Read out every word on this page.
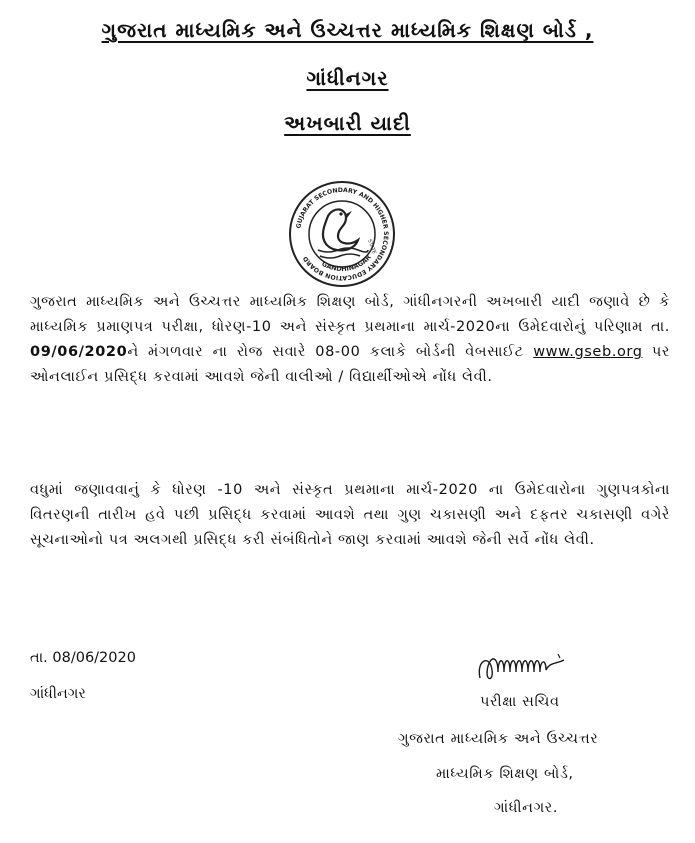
ગુજરાત માધ્યમિક અને ઉચ્ચત્તર માધ્યમિક શિક્ષણ બોર્ડ ,
ગાંધીનગર
અખબારી યાદી
GUJARAT SECONDARY AND HIGHER SECONDARY EDUCATION BOARD
GANDHINAGAR
STATE
ગુજરાત માધ્યમિક અને ઉચ્ચત્તર માધ્યમિક શિક્ષણ બોર્ડ, ગાંધીનગરની અખબારી યાદી જણાવે છે કે માધ્યમિક પ્રમાણપત્ર પરીક્ષા, ધોરણ-10 અને સંસ્કૃત પ્રથમાના માર્ચ-2020ના ઉમેદવારોનું પરિણામ તા. 09/06/2020ને મંગળવાર ના રોજ સવારે 08-00 કલાકે બોર્ડની વેબસાઈટ www.gseb.org પર ઓનલાઈન પ્રસિદ્ધ કરવામાં આવશે જેની વાલીઓ / વિદ્યાર્થીઓએ નોંધ લેવી.
વધુમાં જણાવવાનું કે ધોરણ -10 અને સંસ્કૃત પ્રથમાના માર્ચ-2020 ના ઉમેદવારોના ગુણપત્રકોના વિતરણની તારીખ હવે પછી પ્રસિદ્ધ કરવામાં આવશે તથા ગુણ ચકાસણી અને દફતર ચકાસણી વગેરે સૂચનાઓનો પત્ર અલગથી પ્રસિદ્ધ કરી સંબંધિતોને જાણ કરવામાં આવશે જેની સર્વે નોંધ લેવી.
તા. 08/06/2020
ગાંધીનગર	પરીક્ષા સચિવ
ગુજરાત માધ્યમિક અને ઉચ્ચત્તર
માધ્યમિક શિક્ષણ બોર્ડ,
ગાંધીનગર.
